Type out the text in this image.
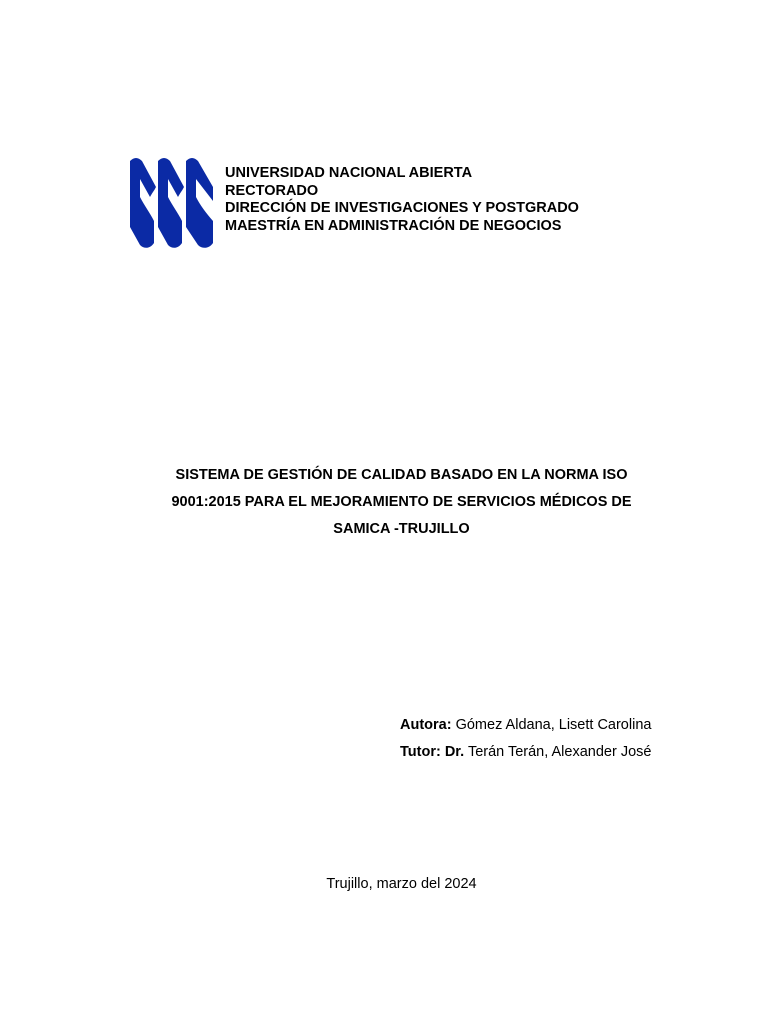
UNIVERSIDAD NACIONAL ABIERTA
RECTORADO
DIRECCIÓN DE INVESTIGACIONES Y POSTGRADO
MAESTRÍA EN ADMINISTRACIÓN DE NEGOCIOS
SISTEMA DE GESTIÓN DE CALIDAD BASADO EN LA NORMA ISO
9001:2015 PARA EL MEJORAMIENTO DE SERVICIOS MÉDICOS DE
SAMICA -TRUJILLO
Autora: Gómez Aldana, Lisett Carolina
Tutor: Dr. Terán Terán, Alexander José
Trujillo, marzo del 2024
